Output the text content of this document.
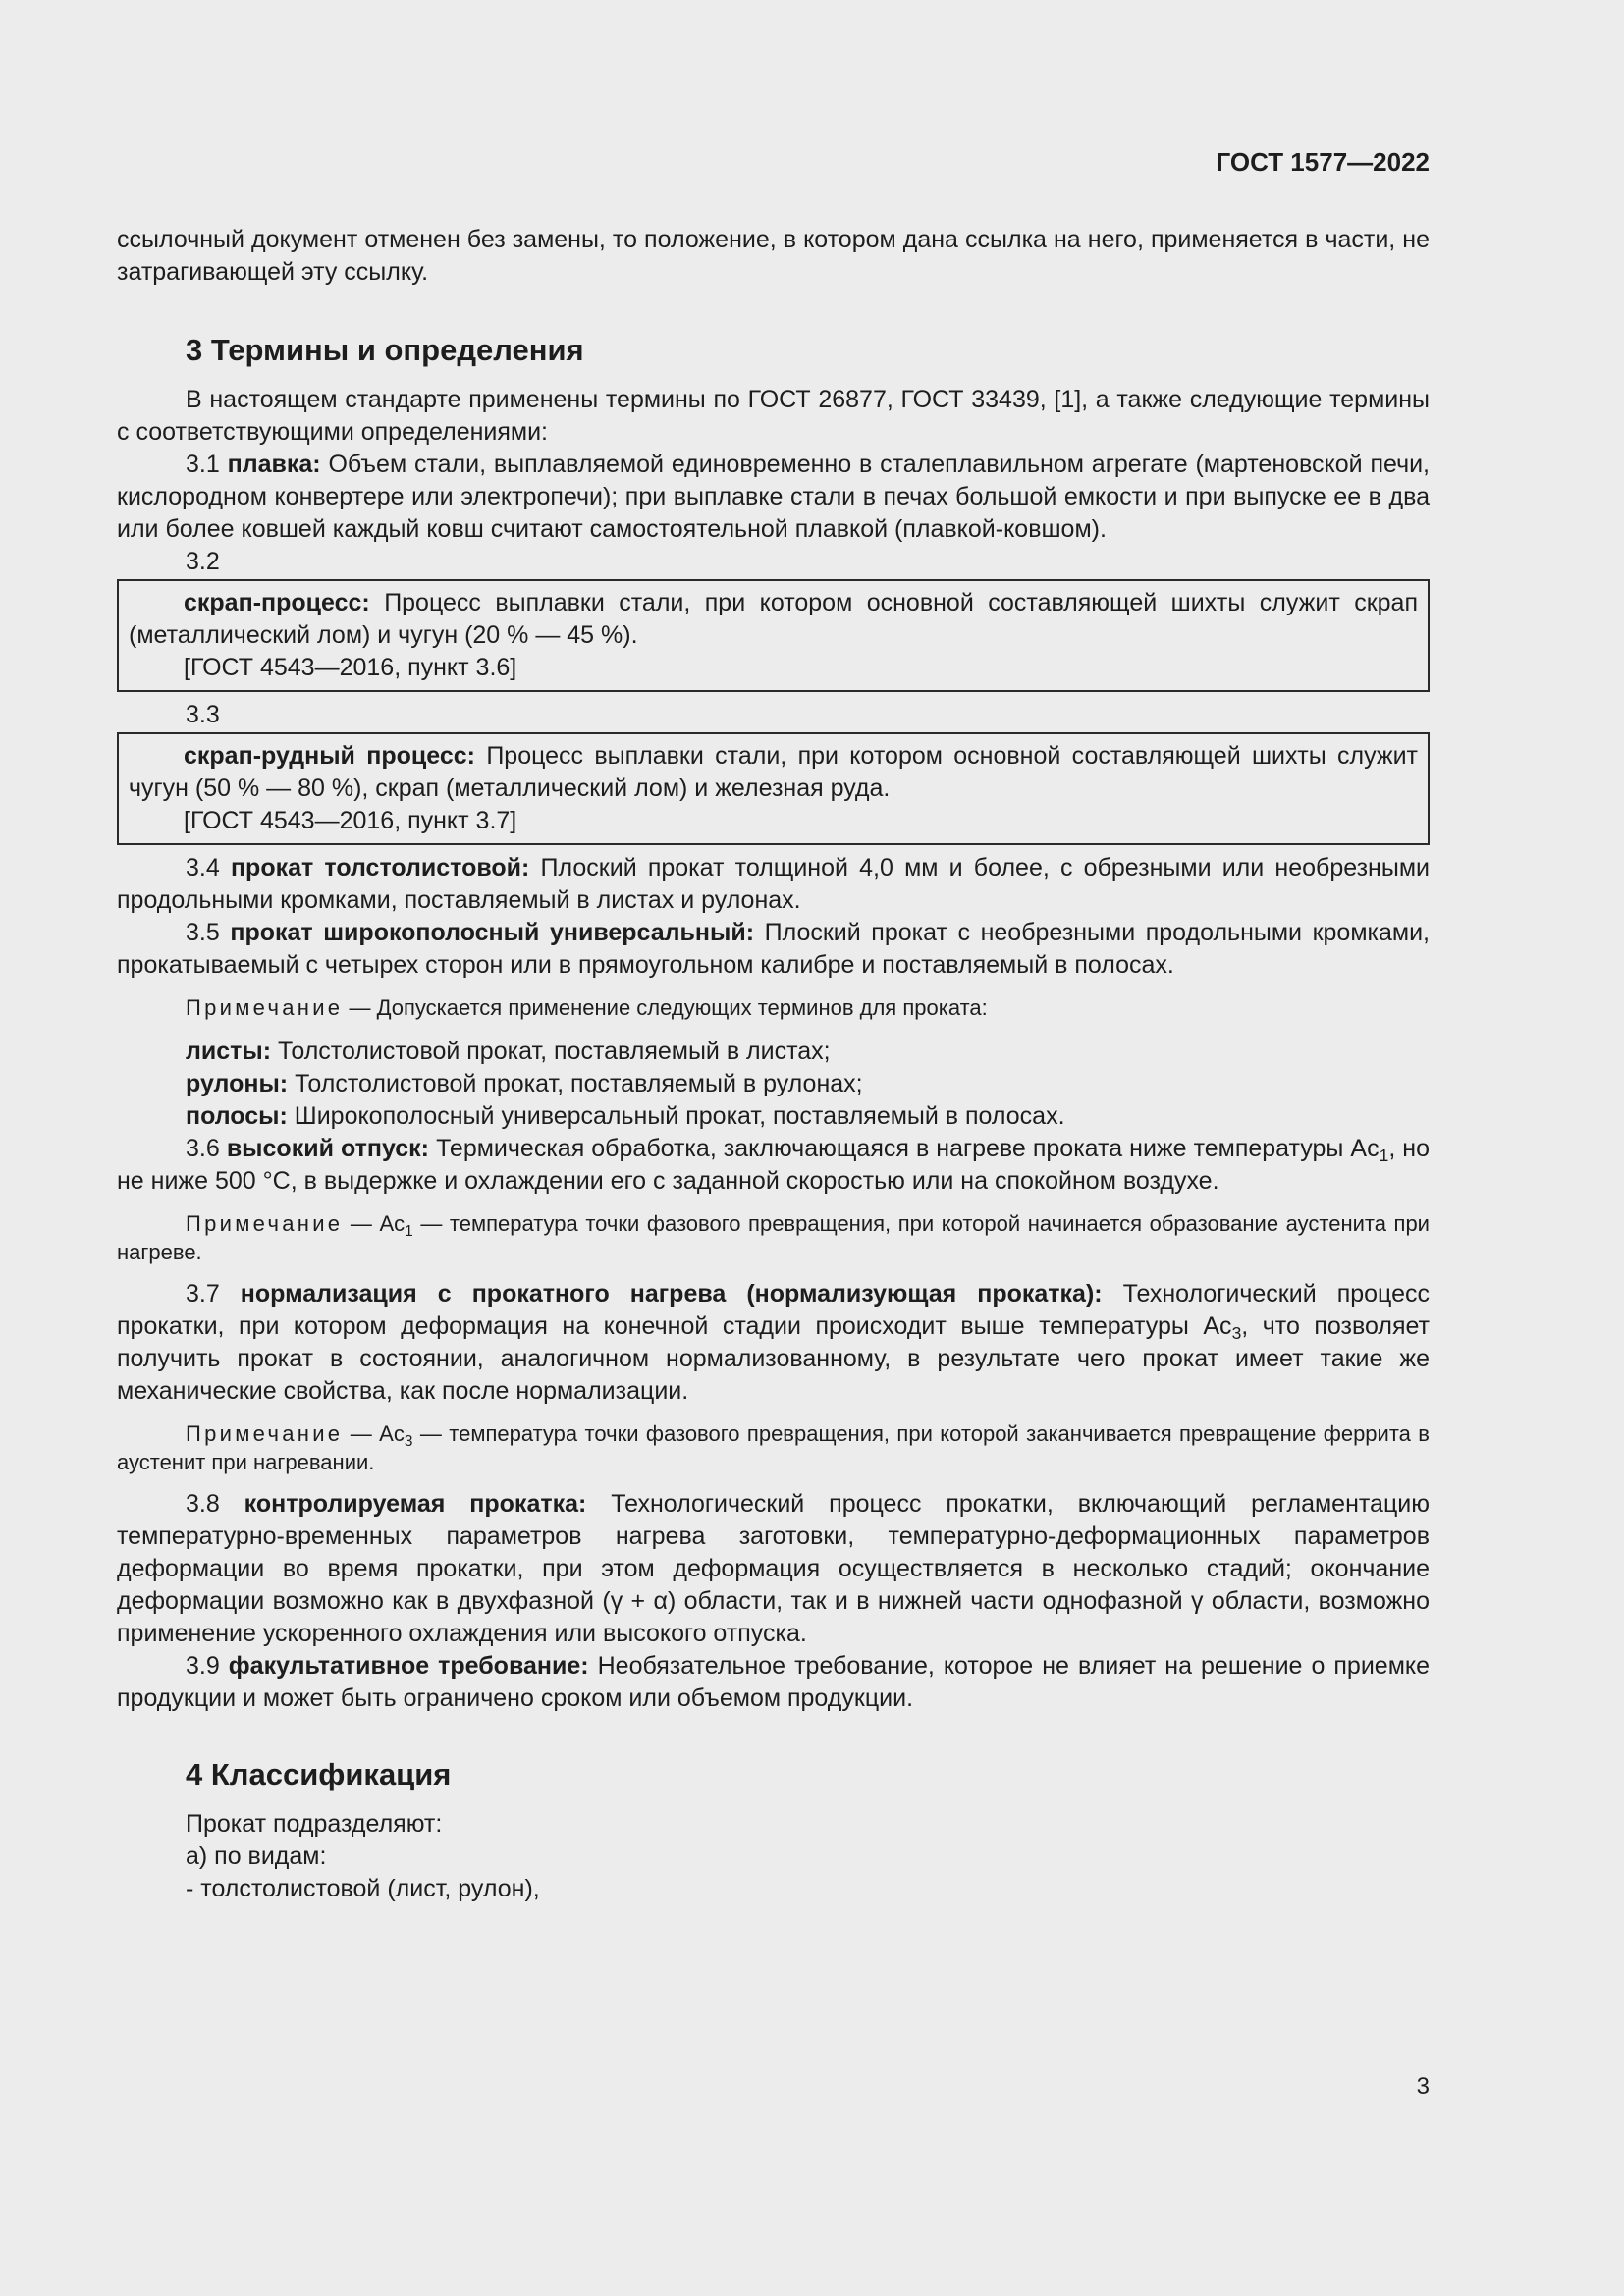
ГОСТ 1577—2022

ссылочный документ отменен без замены, то положение, в котором дана ссылка на него, применяется в части, не затрагивающей эту ссылку.

3 Термины и определения

В настоящем стандарте применены термины по ГОСТ 26877, ГОСТ 33439, [1], а также следующие термины с соответствующими определениями:

3.1 плавка: Объем стали, выплавляемой единовременно в сталеплавильном агрегате (мартеновской печи, кислородном конвертере или электропечи); при выплавке стали в печах большой емкости и при выпуске ее в два или более ковшей каждый ковш считают самостоятельной плавкой (плавкой-ковшом).

3.2

скрап-процесс: Процесс выплавки стали, при котором основной составляющей шихты служит скрап (металлический лом) и чугун (20 % — 45 %).

[ГОСТ 4543—2016, пункт 3.6]

3.3

скрап-рудный процесс: Процесс выплавки стали, при котором основной составляющей шихты служит чугун (50 % — 80 %), скрап (металлический лом) и железная руда.

[ГОСТ 4543—2016, пункт 3.7]

3.4 прокат толстолистовой: Плоский прокат толщиной 4,0 мм и более, с обрезными или необрезными продольными кромками, поставляемый в листах и рулонах.

3.5 прокат широкополосный универсальный: Плоский прокат с необрезными продольными кромками, прокатываемый с четырех сторон или в прямоугольном калибре и поставляемый в полосах.

Примечание — Допускается применение следующих терминов для проката:

листы: Толстолистовой прокат, поставляемый в листах;

рулоны: Толстолистовой прокат, поставляемый в рулонах;

полосы: Широкополосный универсальный прокат, поставляемый в полосах.

3.6 высокий отпуск: Термическая обработка, заключающаяся в нагреве проката ниже температуры $Ac_1$, но не ниже 500 °C, в выдержке и охлаждении его с заданной скоростью или на спокойном воздухе.

Примечание — $Ac_1$ — температура точки фазового превращения, при которой начинается образование аустенита при нагреве.

3.7 нормализация с прокатного нагрева (нормализующая прокатка): Технологический процесс прокатки, при котором деформация на конечной стадии происходит выше температуры $Ac_3$, что позволяет получить прокат в состоянии, аналогичном нормализованному, в результате чего прокат имеет такие же механические свойства, как после нормализации.

Примечание — $Ac_3$ — температура точки фазового превращения, при которой заканчивается превращение феррита в аустенит при нагревании.

3.8 контролируемая прокатка: Технологический процесс прокатки, включающий регламентацию температурно-временных параметров нагрева заготовки, температурно-деформационных параметров деформации во время прокатки, при этом деформация осуществляется в несколько стадий; окончание деформации возможно как в двухфазной (γ + α) области, так и в нижней части однофазной γ области, возможно применение ускоренного охлаждения или высокого отпуска.

3.9 факультативное требование: Необязательное требование, которое не влияет на решение о приемке продукции и может быть ограничено сроком или объемом продукции.

4 Классификация

Прокат подразделяют:

а) по видам:

- толстолистовой (лист, рулон),

3
